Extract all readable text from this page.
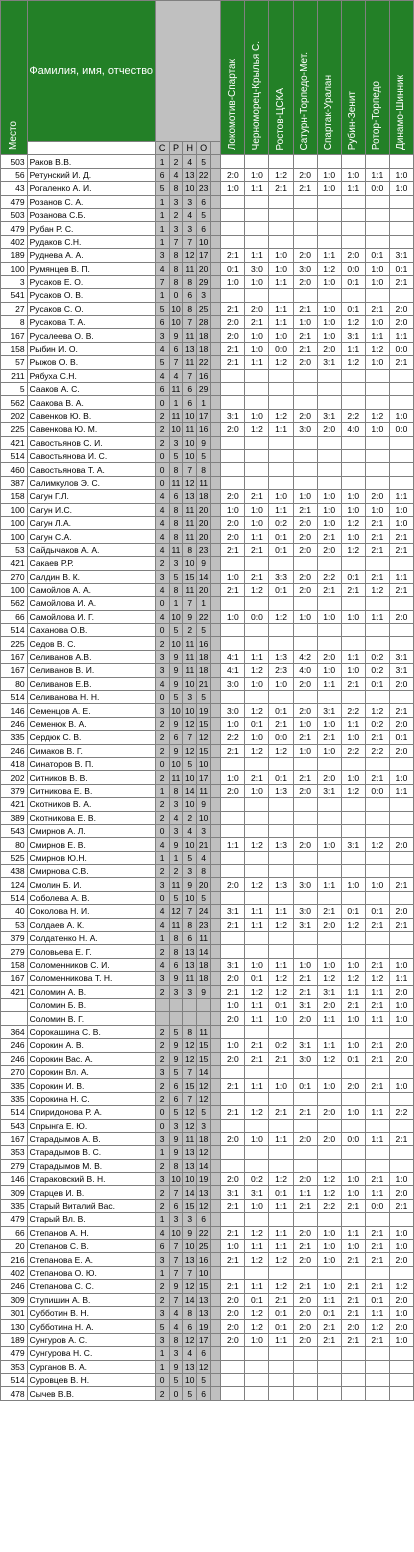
Место	Фамилия, имя, отчество						Локомотив-Спартак	Черноморец-Крылья С.	Ростов-ЦСКА	Сатурн-Торпедо-Мет.	Спартак-Уралан	Рубин-Зенит	Ротор-Торпедо	Динамо-Шинник

		С	Р	Н	О									
503	Раков В.В.	1	2	4	5									
56	Ретунский И. Д.	6	4	13	22		2:0	1:0	1:2	2:0	1:0	1:0	1:1	1:0
43	Рогаленко А. И.	5	8	10	23		1:0	1:1	2:1	2:1	1:0	1:1	0:0	1:0
479	Розанов С. А.	1	3	3	6									
503	Розанова С.Б.	1	2	4	5									
479	Рубан Р. С.	1	3	3	6									
402	Рудаков С.Н.	1	7	7	10									
189	Руднева А. А.	3	8	12	17		2:1	1:1	1:0	2:0	1:1	2:0	0:1	3:1
100	Румянцев В. П.	4	8	11	20		0:1	3:0	1:0	3:0	1:2	0:0	1:0	0:1
3	Русаков Е. О.	7	8	8	29		1:0	1:0	1:1	2:0	1:0	0:1	1:0	2:1
541	Русаков О. В.	1	0	6	3									
27	Русаков С. О.	5	10	8	25		2:1	2:0	1:1	2:1	1:0	0:1	2:1	2:0
8	Русакова Т. А.	6	10	7	28		2:0	2:1	1:1	1:0	1:0	1:2	1:0	2:0
167	Русалеева О. В.	3	9	11	18		2:0	1:0	1:0	2:1	1:0	3:1	1:1	1:1
158	Рыбин И. О.	4	6	13	18		2:1	1:0	0:0	2:1	2:0	1:1	1:2	0:0
57	Рыжов О. В.	5	7	11	22		2:1	1:1	1:2	2:0	3:1	1:2	1:0	2:1
211	Рябуха С.Н.	4	4	7	16									
5	Сааков А. С.	6	11	6	29									
562	Саакова В. А.	0	1	6	1									
202	Савенков Ю. В.	2	11	10	17		3:1	1:0	1:2	2:0	3:1	2:2	1:2	1:0
225	Савенкова Ю. М.	2	10	11	16		2:0	1:2	1:1	3:0	2:0	4:0	1:0	0:0
421	Савостьянов С. И.	2	3	10	9									
514	Савостьянова И. С.	0	5	10	5									
460	Савостьянова Т. А.	0	8	7	8									
387	Салимкулов Э. С.	0	11	12	11									
158	Сагун Г.Л.	4	6	13	18		2:0	2:1	1:0	1:0	1:0	1:0	2:0	1:1
100	Сагун И.С.	4	8	11	20		1:0	1:0	1:1	2:1	1:0	1:0	1:0	1:0
100	Сагун Л.А.	4	8	11	20		2:0	1:0	0:2	2:0	1:0	1:2	2:1	1:0
100	Сагун С.А.	4	8	11	20		2:0	1:1	0:1	2:0	2:1	1:0	2:1	2:1
53	Сайдычаков А. А.	4	11	8	23		2:1	2:1	0:1	2:0	2:0	1:2	2:1	2:1
421	Сакаев Р.Р.	2	3	10	9									
270	Салдин В. К.	3	5	15	14		1:0	2:1	3:3	2:0	2:2	0:1	2:1	1:1
100	Самойлов А. А.	4	8	11	20		2:1	1:2	0:1	2:0	2:1	2:1	1:2	2:1
562	Самойлова И. А.	0	1	7	1									
66	Самойлова И. Г.	4	10	9	22		1:0	0:0	1:2	1:0	1:0	1:0	1:1	2:0
514	Саханова О.В.	0	5	2	5									
225	Седов В. С.	2	10	11	16									
167	Селиванов А.В.	3	9	11	18		4:1	1:1	1:3	4:2	2:0	1:1	0:2	3:1
167	Селиванов В. И.	3	9	11	18		4:1	1:2	2:3	4:0	1:0	1:0	0:2	3:1
80	Селиванов Е.В.	4	9	10	21		3:0	1:0	1:0	2:0	1:1	2:1	0:1	2:0
514	Селиванова Н. Н.	0	5	3	5									
146	Семенцов А. Е.	3	10	10	19		3:0	1:2	0:1	2:0	3:1	2:2	1:2	2:1
246	Семенюк В. А.	2	9	12	15		1:0	0:1	2:1	1:0	1:0	1:1	0:2	2:0
335	Сердюк С. В.	2	6	7	12		2:2	1:0	0:0	2:1	2:1	1:0	2:1	0:1
246	Симаков В. Г.	2	9	12	15		2:1	1:2	1:2	1:0	1:0	2:2	2:2	2:0
418	Синаторов В. П.	0	10	5	10									
202	Ситников В. В.	2	11	10	17		1:0	2:1	0:1	2:1	2:0	1:0	2:1	1:0
379	Ситникова Е. В.	1	8	14	11		2:0	1:0	1:3	2:0	3:1	1:2	0:0	1:1
421	Скотников В. А.	2	3	10	9									
389	Скотникова Е. В.	2	4	2	10									
543	Смирнов А. Л.	0	3	4	3									
80	Смирнов Е. В.	4	9	10	21		1:1	1:2	1:3	2:0	1:0	3:1	1:2	2:0
525	Смирнов Ю.Н.	1	1	5	4									
438	Смирнова С.В.	2	2	3	8									
124	Смолин Б. И.	3	11	9	20		2:0	1:2	1:3	3:0	1:1	1:0	1:0	2:1
514	Соболева А. В.	0	5	10	5									
40	Соколова Н. И.	4	12	7	24		3:1	1:1	1:1	3:0	2:1	0:1	0:1	2:0
53	Солдаев А. К.	4	11	8	23		2:1	1:1	1:2	3:1	2:0	1:2	2:1	2:1
379	Солдатенко Н. А.	1	8	6	11									
279	Соловьева Е. Г.	2	8	13	14									
158	Соломенников С. И.	4	6	13	18		3:1	1:0	1:1	1:0	1:0	1:0	2:1	1:0
167	Соломенникова Т. Н.	3	9	11	18		2:0	0:1	1:2	2:1	1:2	1:2	1:2	1:1
421	Соломин А. В.	2	3	3	9		2:1	1:2	1:2	2:1	3:1	1:1	1:1	2:0
	Соломин Б. В.						1:0	1:1	0:1	3:1	2:0	2:1	2:1	1:0
	Соломин В. Г.						2:0	1:1	1:0	2:0	1:1	1:0	1:1	1:0
364	Сорокашина С. В.	2	5	8	11									
246	Сорокин А. В.	2	9	12	15		1:0	2:1	0:2	3:1	1:1	1:0	2:1	2:0
246	Сорокин Вас. А.	2	9	12	15		2:0	2:1	2:1	3:0	1:2	0:1	2:1	2:0
270	Сорокин Вл. А.	3	5	7	14									
335	Сорокин И. В.	2	6	15	12		2:1	1:1	1:0	0:1	1:0	2:0	2:1	1:0
335	Сорокина Н. С.	2	6	7	12									
514	Спиридонова Р. А.	0	5	12	5		2:1	1:2	2:1	2:1	2:0	1:0	1:1	2:2
543	Спрынга Е. Ю.	0	3	12	3									
167	Старадымов А. В.	3	9	11	18		2:0	1:0	1:1	2:0	2:0	0:0	1:1	2:1
353	Старадымов В. С.	1	9	13	12									
279	Старадымов М. В.	2	8	13	14									
146	Стараковский В. Н.	3	10	10	19		2:0	0:2	1:2	2:0	1:2	1:0	2:1	1:0
309	Старцев И. В.	2	7	14	13		3:1	3:1	0:1	1:1	1:2	1:0	1:1	2:0
335	Старый Виталий Вас.	2	6	15	12		2:1	1:0	1:1	2:1	2:2	2:1	0:0	2:1
479	Старый Вл. В.	1	3	3	6									
66	Степанов А. Н.	4	10	9	22		2:1	1:2	1:1	2:0	1:0	1:1	2:1	1:0
20	Степанов С. В.	6	7	10	25		1:0	1:1	1:1	2:1	1:0	1:0	2:1	1:0
216	Степанова Е. А.	3	7	13	16		2:1	1:2	1:2	2:0	1:0	2:1	2:1	2:0
402	Степанова О. Ю.	1	7	7	10									
246	Степанова С. С.	2	9	12	15		2:1	1:1	1:2	2:1	1:0	2:1	2:1	1:2
309	Ступишин А. В.	2	7	14	13		2:0	0:1	2:1	2:0	1:1	2:1	0:1	2:0
301	Субботин В. Н.	3	4	8	13		2:0	1:2	0:1	2:0	0:1	2:1	1:1	1:0
130	Субботина Н. А.	5	4	6	19		2:0	1:2	0:1	2:0	2:1	2:0	1:2	2:0
189	Сунгуров А. С.	3	8	12	17		2:0	1:0	1:1	2:0	2:1	2:1	2:1	1:0
479	Сунгурова Н. С.	1	3	4	6									
353	Сурганов В. А.	1	9	13	12									
514	Суровцев В. Н.	0	5	10	5									
478	Сычев В.В.	2	0	5	6									
